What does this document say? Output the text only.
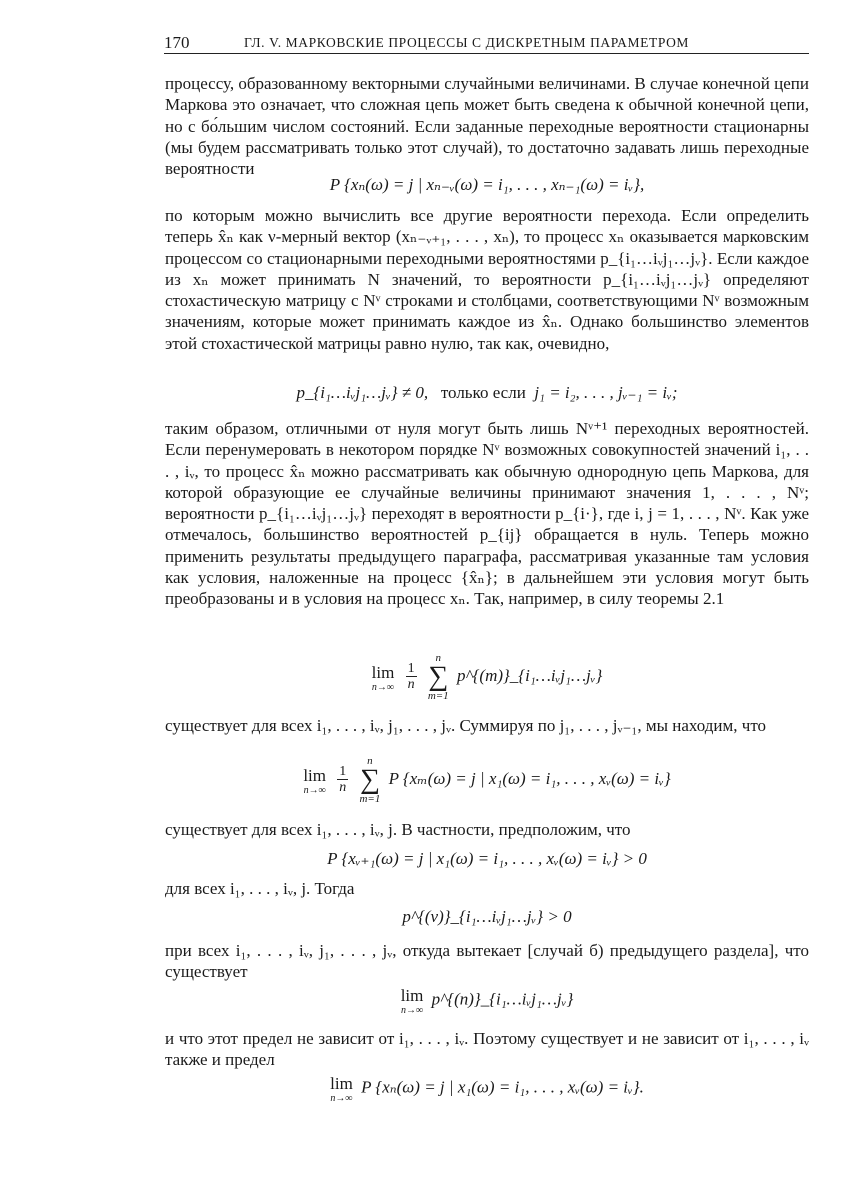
170	ГЛ. V. МАРКОВСКИЕ ПРОЦЕССЫ С ДИСКРЕТНЫМ ПАРАМЕТРОМ

процессу, образованному векторными случайными величинами. В случае конечной цепи Маркова это означает, что сложная цепь может быть сведена к обычной конечной цепи, но с бо́льшим числом состояний. Если заданные переходные вероятности стационарны (мы будем рассматривать только этот случай), то достаточно задавать лишь переходные вероятности

P {xₙ(ω) = j | xₙ₋ᵥ(ω) = i₁, . . . , xₙ₋₁(ω) = iᵥ},

по которым можно вычислить все другие вероятности перехода. Если определить теперь x̂ₙ как ν-мерный вектор (xₙ₋ᵥ₊₁, . . . , xₙ), то процесс xₙ оказывается марковским процессом со стационарными переходными вероятностями p_{i₁…iᵥj₁…jᵥ}. Если каждое из xₙ может принимать N значений, то вероятности p_{i₁…iᵥj₁…jᵥ} определяют стохастическую матрицу с Nᵛ строками и столбцами, соответствующими Nᵛ возможным значениям, которые может принимать каждое из x̂ₙ. Однако большинство элементов этой стохастической матрицы равно нулю, так как, очевидно,

p_{i₁…iᵥj₁…jᵥ} ≠ 0, только если j₁ = i₂, . . . , jᵥ₋₁ = iᵥ;

таким образом, отличными от нуля могут быть лишь Nᵛ⁺¹ переходных вероятностей. Если перенумеровать в некотором порядке Nᵛ возможных совокупностей значений i₁, . . . , iᵥ, то процесс x̂ₙ можно рассматривать как обычную однородную цепь Маркова, для которой образующие ее случайные величины принимают значения 1, . . . , Nᵛ; вероятности p_{i₁…iᵥj₁…jᵥ} переходят в вероятности p_{i·}, где i, j = 1, . . . , Nᵛ. Как уже отмечалось, большинство вероятностей p_{ij} обращается в нуль. Теперь можно применить результаты предыдущего параграфа, рассматривая указанные там условия как условия, наложенные на процесс {x̂ₙ}; в дальнейшем эти условия могут быть преобразованы и в условия на процесс xₙ. Так, например, в силу теоремы 2.1

lim
n→∞
$\frac{1}{n}$

n
∑
m=1
p^{(m)}_{i₁…iᵥj₁…jᵥ}

существует для всех i₁, . . . , iᵥ, j₁, . . . , jᵥ. Суммируя по j₁, . . . , jᵥ₋₁, мы находим, что

lim
n→∞
$\frac{1}{n}$

n
∑
m=1
P {xₘ(ω) = j | x₁(ω) = i₁, . . . , xᵥ(ω) = iᵥ}

существует для всех i₁, . . . , iᵥ, j. В частности, предположим, что

P {xᵥ₊₁(ω) = j | x₁(ω) = i₁, . . . , xᵥ(ω) = iᵥ} > 0

для всех i₁, . . . , iᵥ, j. Тогда

p^{(ν)}_{i₁…iᵥj₁…jᵥ} > 0

при всех i₁, . . . , iᵥ, j₁, . . . , jᵥ, откуда вытекает [случай б) предыдущего раздела], что существует

lim
n→∞
p^{(n)}_{i₁…iᵥj₁…jᵥ}

и что этот предел не зависит от i₁, . . . , iᵥ. Поэтому существует и не зависит от i₁, . . . , iᵥ также и предел

lim
n→∞
P {xₙ(ω) = j | x₁(ω) = i₁, . . . , xᵥ(ω) = iᵥ}.
